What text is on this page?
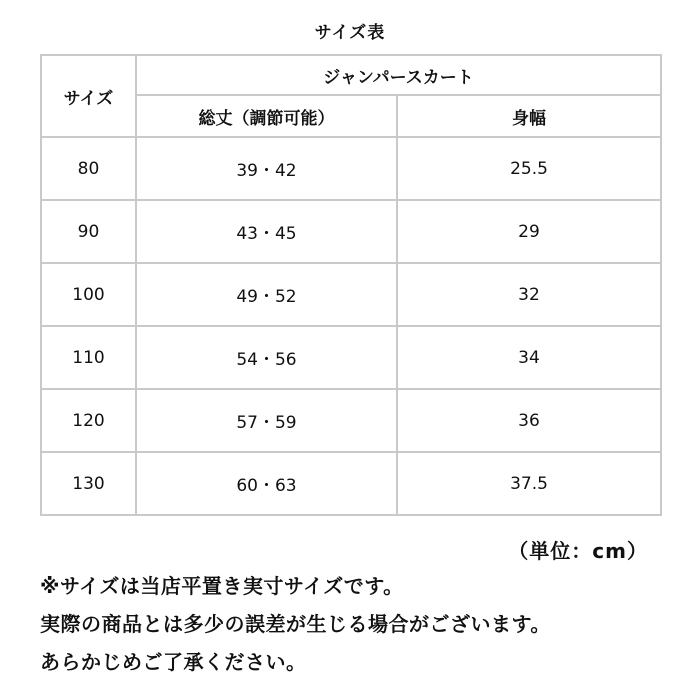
サイズ表
サイズ	ジャンパースカート	
	総丈（調節可能）	身幅
80	39・42	25.5
90	43・45	29
100	49・52	32
110	54・56	34
120	57・59	36
130	60・63	37.5
（単位：cm）
※サイズは当店平置き実寸サイズです。
実際の商品とは多少の誤差が生じる場合がございます。
あらかじめご了承ください。
